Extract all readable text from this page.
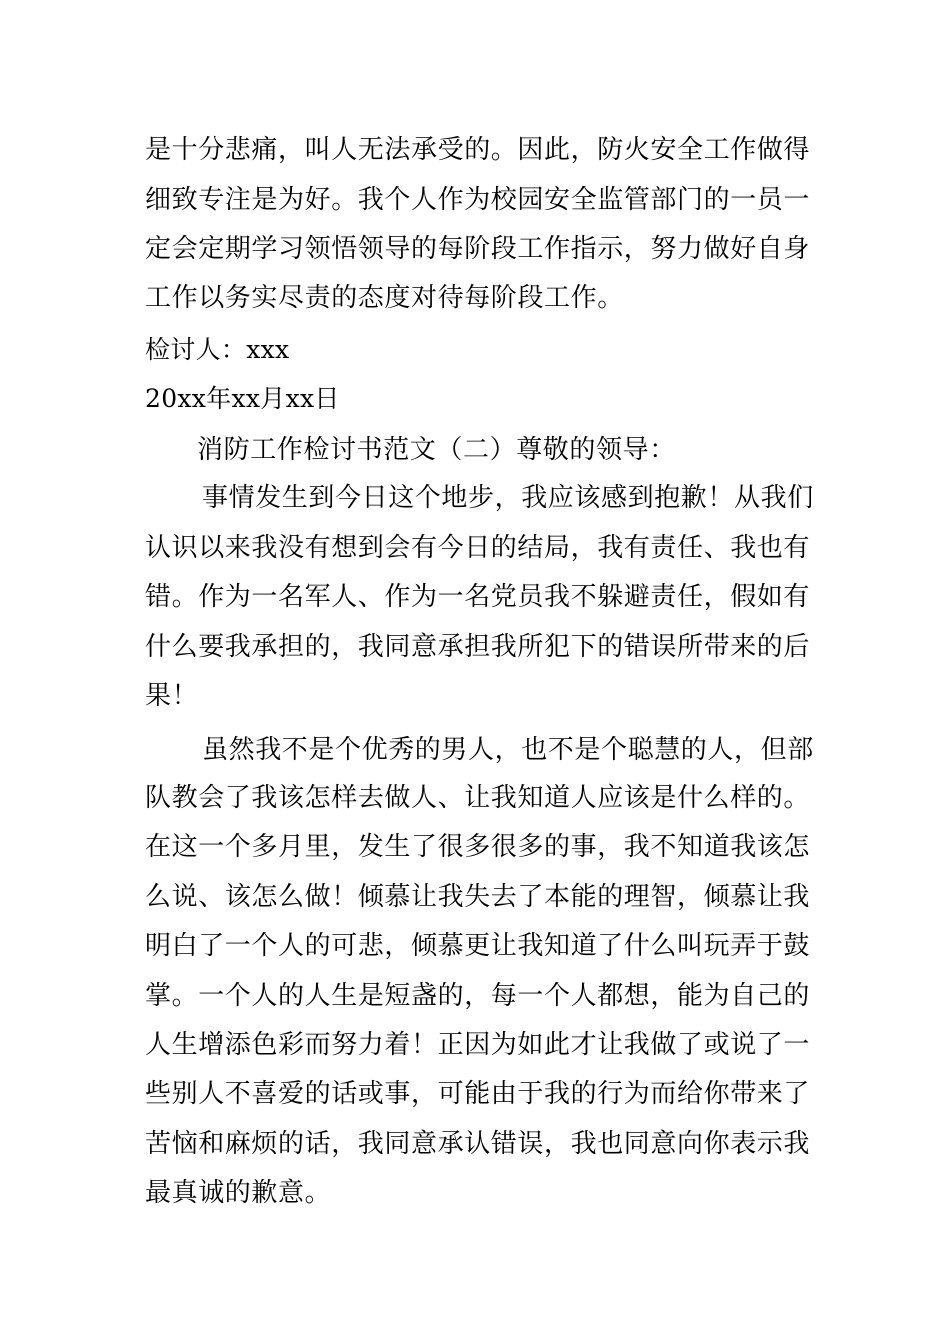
是十分悲痛，叫人无法承受的。因此，防火安全工作做得
细致专注是为好。我个人作为校园安全监管部门的一员一
定会定期学习领悟领导的每阶段工作指示，努力做好自身
工作以务实尽责的态度对待每阶段工作。
检讨人：xxx
20xx年xx月xx日
消防工作检讨书范文（二）尊敬的领导：
事情发生到今日这个地步，我应该感到抱歉！从我们
认识以来我没有想到会有今日的结局，我有责任、我也有
错。作为一名军人、作为一名党员我不躲避责任，假如有
什么要我承担的，我同意承担我所犯下的错误所带来的后
果！
虽然我不是个优秀的男人，也不是个聪慧的人，但部
队教会了我该怎样去做人、让我知道人应该是什么样的。
在这一个多月里，发生了很多很多的事，我不知道我该怎
么说、该怎么做！倾慕让我失去了本能的理智，倾慕让我
明白了一个人的可悲，倾慕更让我知道了什么叫玩弄于鼓
掌。一个人的人生是短盏的，每一个人都想，能为自己的
人生增添色彩而努力着！正因为如此才让我做了或说了一
些别人不喜爱的话或事，可能由于我的行为而给你带来了
苦恼和麻烦的话，我同意承认错误，我也同意向你表示我
最真诚的歉意。
